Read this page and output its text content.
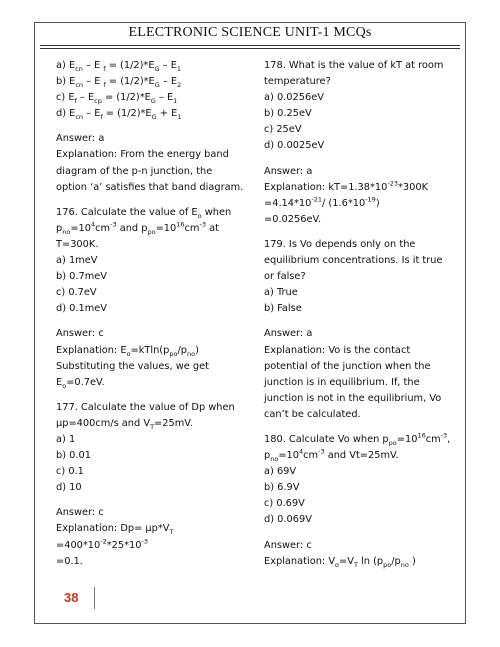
ELECTRONIC SCIENCE UNIT-1 MCQs

a) $E_{cn}$ – E $_f = (1/2)*E_G - E_1$

b) $E_{cn}$ – E $_f = (1/2)*E_G - E_2$

c) $E_f - E_{cp} = (1/2)*E_G - E_1$

d) $E_{cn} - E_f = (1/2)*E_G + E_1$

Answer: a

Explanation: From the energy band

diagram of the p-n junction, the

option ‘a’ satisfies that band diagram.

176. Calculate the value of $E_o$ when

$p_{no}=10^4cm^{-3}$ and $p_{po}=10^{16}cm^{-3}$ at

T=300K.

a) 1meV

b) 0.7meV

c) 0.7eV

d) 0.1meV

Answer: c

Explanation: $E_o=kTln(p_{po}/p_{no})$

Substituting the values, we get

$E_o=0.7eV$.

177. Calculate the value of Dp when

µp=400cm/s and $V_T=25mV$.

a) 1

b) 0.01

c) 0.1

d) 10

Answer: c

Explanation: $Dp= \mu p*V_T$

$=400*10^{-2}*25*10^{-3}$

=0.1.

178. What is the value of kT at room

temperature?

a) 0.0256eV

b) 0.25eV

c) 25eV

d) 0.0025eV

Answer: a

Explanation: $kT=1.38*10^{-23}*300K$

$=4.14*10^{-21}/$ $(1.6*10^{-19})$

=0.0256eV.

179. Is Vo depends only on the

equilibrium concentrations. Is it true

or false?

a) True

b) False

Answer: a

Explanation: Vo is the contact

potential of the junction when the

junction is in equilibrium. If, the

junction is not in the equilibrium, Vo

can’t be calculated.

180. Calculate Vo when $p_{po}=10^{16}cm^{-3}$,

$p_{no}=10^4cm^{-3}$ and Vt=25mV.

a) 69V

b) 6.9V

c) 0.69V

d) 0.069V

Answer: c

Explanation: $V_o=V_T$ $\ln (p_{po}/p_{no}$ )

38
